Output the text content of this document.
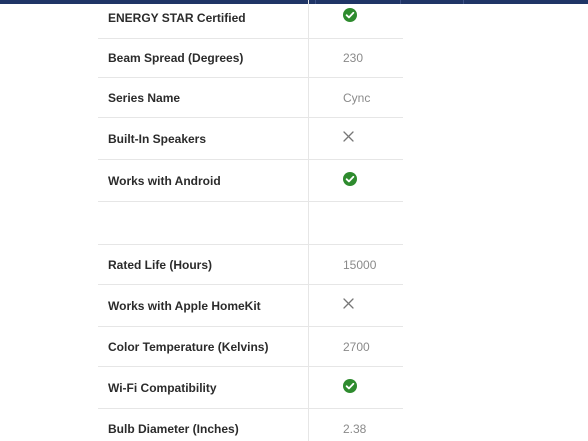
ENERGY STAR Certified
Beam Spread (Degrees)	230
Series Name	Cync
Built-In Speakers
Works with Android
Rated Life (Hours)	15000
Works with Apple HomeKit
Color Temperature (Kelvins)	2700
Wi-Fi Compatibility
Bulb Diameter (Inches)	2.38
